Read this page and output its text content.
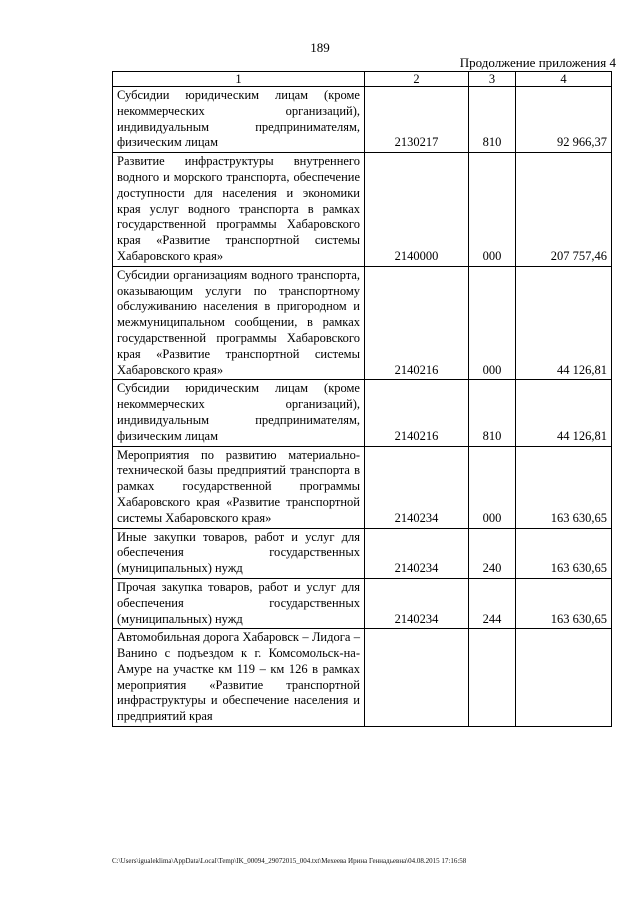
189
Продолжение приложения 4
1	2	3	4
Субсидии юридическим лицам (кроме некоммерческих организаций), индивидуальным предпринимателям, физическим лицам	2130217	810	92 966,37
Развитие инфраструктуры внутреннего водного и морского транспорта, обеспечение доступности для населения и экономики края услуг водного транспорта в рамках государственной программы Хабаровского края «Развитие транспортной системы Хабаровского края»	2140000	000	207 757,46
Субсидии организациям водного транспорта, оказывающим услуги по транспортному обслуживанию населения в пригородном и межмуниципальном сообщении, в рамках государственной программы Хабаровского края «Развитие транспортной системы Хабаровского края»	2140216	000	44 126,81
Субсидии юридическим лицам (кроме некоммерческих организаций), индивидуальным предпринимателям, физическим лицам	2140216	810	44 126,81
Мероприятия по развитию материально-технической базы предприятий транспорта в рамках государственной программы Хабаровского края «Развитие транспортной системы Хабаровского края»	2140234	000	163 630,65
Иные закупки товаров, работ и услуг для обеспечения государственных (муниципальных) нужд	2140234	240	163 630,65
Прочая закупка товаров, работ и услуг для обеспечения государственных (муниципальных) нужд	2140234	244	163 630,65
Автомобильная дорога Хабаровск – Лидога – Ванино с подъездом к г. Комсомольск-на-Амуре на участке км 119 – км 126 в рамках мероприятия «Развитие транспортной инфраструктуры и обеспечение населения и предприятий края			
C:\Users\igualeklima\AppData\Local\Temp\IK_00094_29072015_004.txt\Мехеева Ирина Геннадьевна\04.08.2015 17:16:58
